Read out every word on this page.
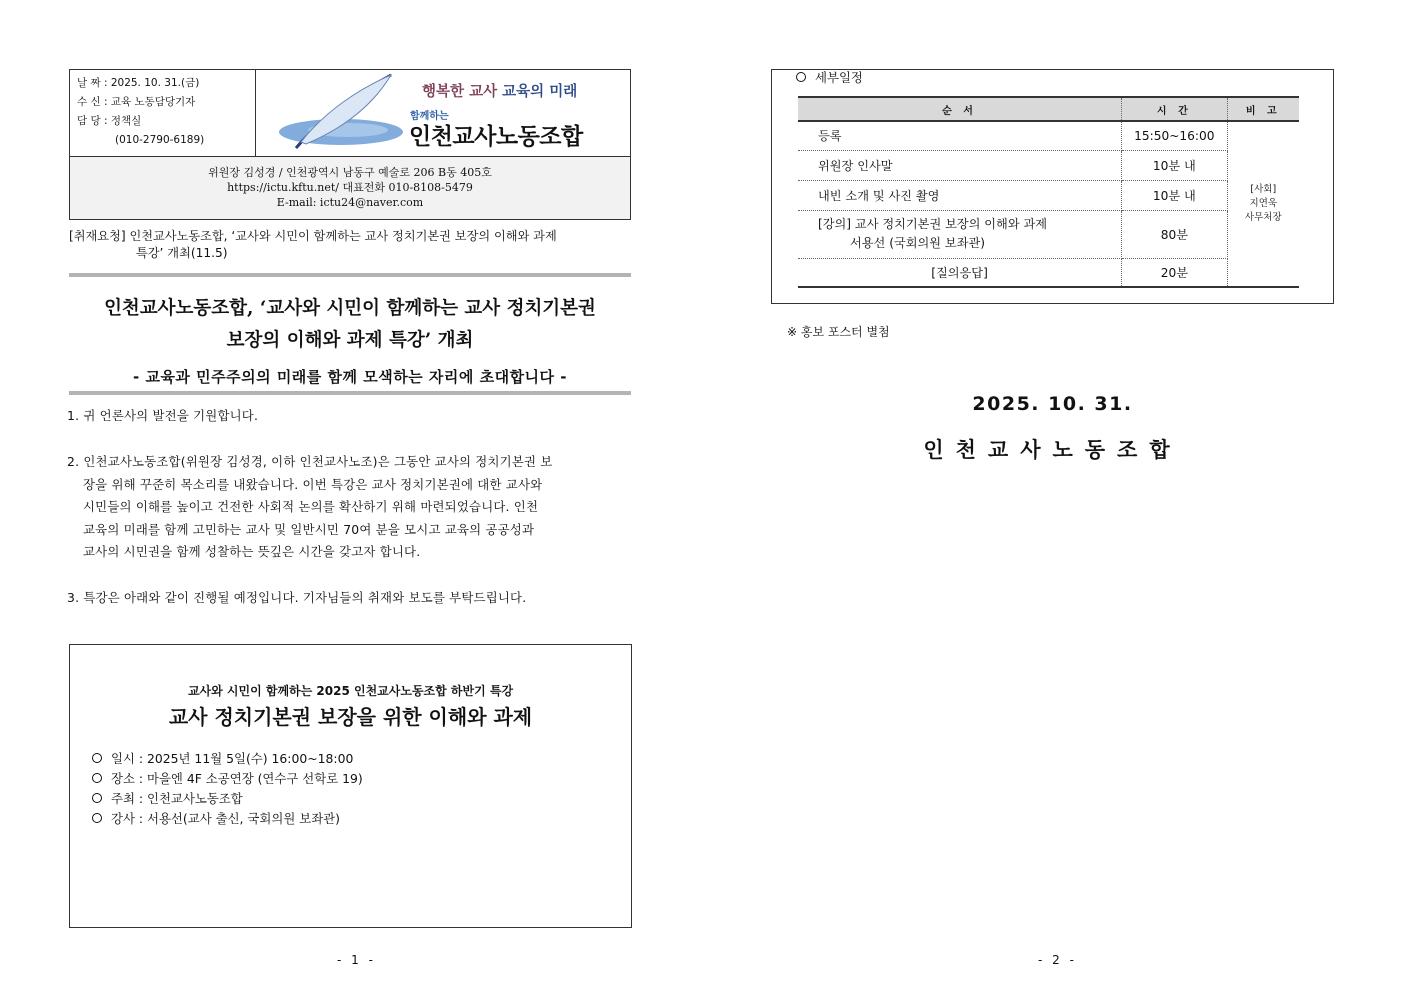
날 짜 : 2025. 10. 31.(금)
수 신 : 교육 노동담당기자
담 당 : 정책실
(010-2790-6189)
행복한 교사 교육의 미래
함께하는
인천교사노동조합
위원장 김성경 / 인천광역시 남동구 예술로 206 B동 405호
https://ictu.kftu.net/ 대표전화 010-8108-5479
E-mail: ictu24@naver.com
[취재요청] 인천교사노동조합, ‘교사와 시민이 함께하는 교사 정치기본권 보장의 이해와 과제
특강’ 개최(11.5)
인천교사노동조합, ‘교사와 시민이 함께하는 교사 정치기본권
보장의 이해와 과제 특강’ 개최
- 교육과 민주주의의 미래를 함께 모색하는 자리에 초대합니다 -
1. 귀 언론사의 발전을 기원합니다.
2. 인천교사노동조합(위원장 김성경, 이하 인천교사노조)은 그동안 교사의 정치기본권 보
장을 위해 꾸준히 목소리를 내왔습니다. 이번 특강은 교사 정치기본권에 대한 교사와
시민들의 이해를 높이고 건전한 사회적 논의를 확산하기 위해 마련되었습니다. 인천
교육의 미래를 함께 고민하는 교사 및 일반시민 70여 분을 모시고 교육의 공공성과
교사의 시민권을 함께 성찰하는 뜻깊은 시간을 갖고자 합니다.
3. 특강은 아래와 같이 진행될 예정입니다. 기자님들의 취재와 보도를 부탁드립니다.
교사와 시민이 함께하는 2025 인천교사노동조합 하반기 특강
교사 정치기본권 보장을 위한 이해와 과제
일시 : 2025년 11월 5일(수) 16:00~18:00
장소 : 마을엔 4F 소공연장 (연수구 선학로 19)
주최 : 인천교사노동조합
강사 : 서용선(교사 출신, 국회의원 보좌관)
- 1 -
세부일정
순 서	시 간	비 고
등록	15:50~16:00	[사회]
지연욱
사무처장

위원장 인사말	10분 내	
내빈 소개 및 사진 촬영	10분 내	

[강의] 교사 정치기본권 보장의 이해와 과제
서용선 (국회의원 보좌관)	80분	
[질의응답]	20분	
※ 홍보 포스터 별첨
2025. 10. 31.
인천교사노동조합
- 2 -
